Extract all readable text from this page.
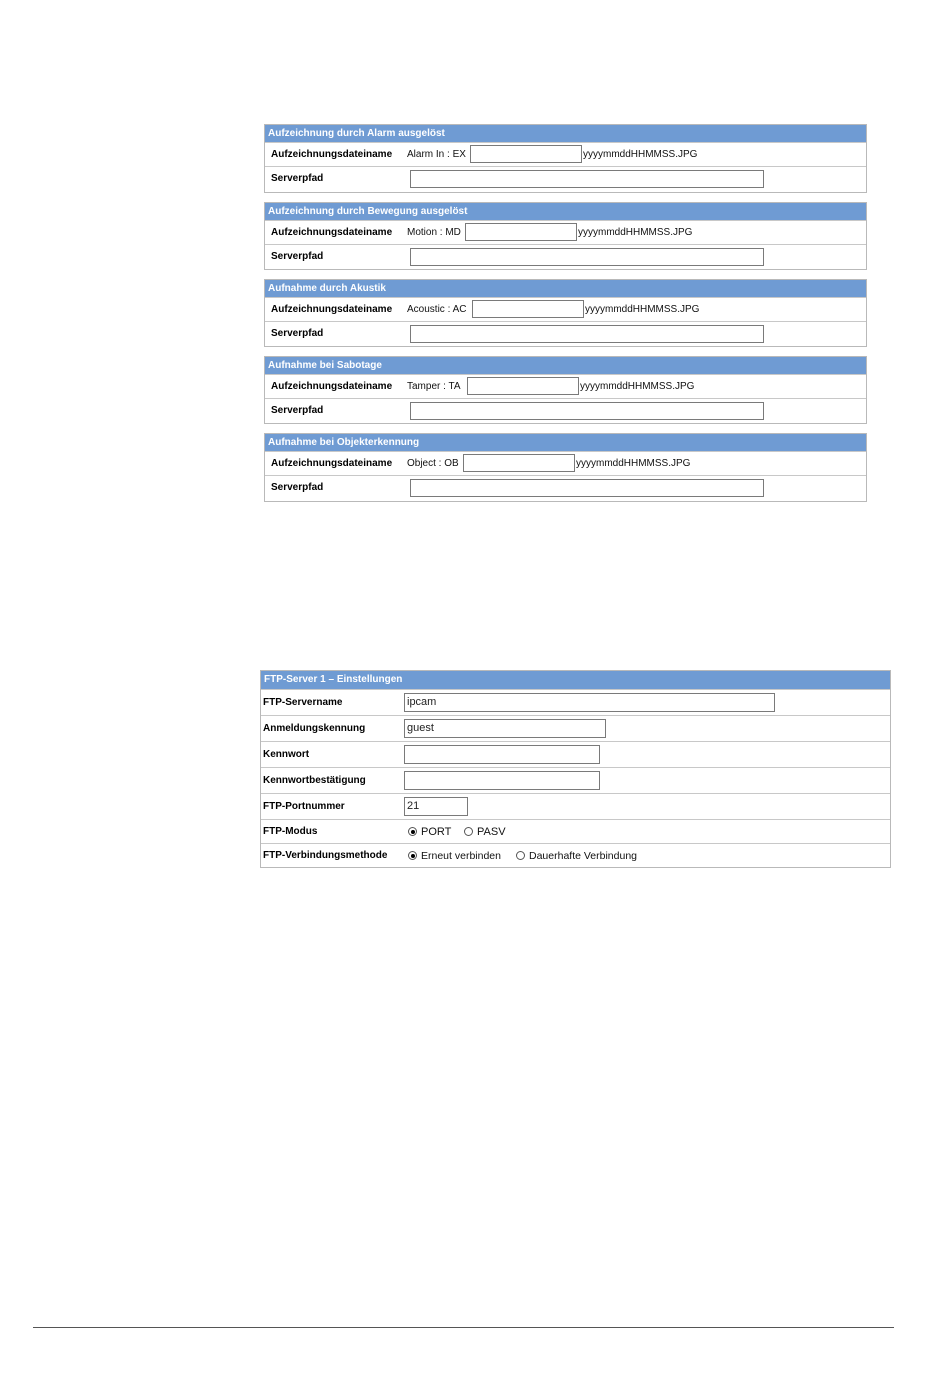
Aufzeichnung durch Alarm ausgelöst
Aufzeichnungsdateiname Alarm In : EX	yyyymmddHHMMSS.JPG
Serverpfad
Aufzeichnung durch Bewegung ausgelöst
Aufzeichnungsdateiname Motion : MD	yyyymmddHHMMSS.JPG
Serverpfad
Aufnahme durch Akustik
Aufzeichnungsdateiname Acoustic : AC	yyyymmddHHMMSS.JPG
Serverpfad
Aufnahme bei Sabotage
Aufzeichnungsdateiname Tamper : TA	yyyymmddHHMMSS.JPG
Serverpfad
Aufnahme bei Objekterkennung
Aufzeichnungsdateiname Object : OB	yyyymmddHHMMSS.JPG
Serverpfad
FTP-Server 1 – Einstellungen
FTP-Servername	ipcam
Anmeldungskennung	guest
Kennwort
Kennwortbestätigung
FTP-Portnummer	21
FTP-Modus	PORT PASV
FTP-Verbindungsmethode	Erneut verbinden	Dauerhafte Verbindung
